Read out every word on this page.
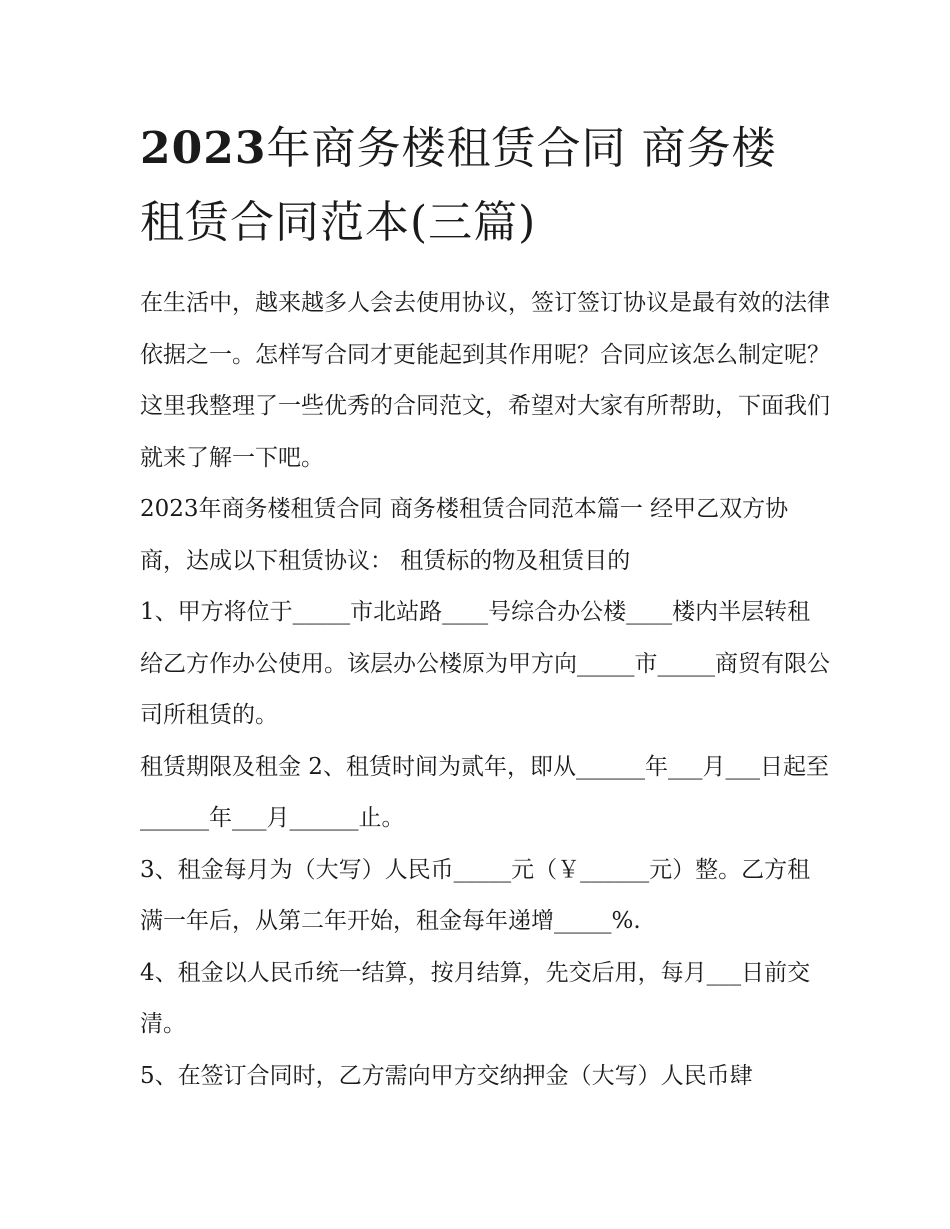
2023年商务楼租赁合同 商务楼租赁合同范本(三篇)

在生活中，越来越多人会去使用协议，签订签订协议是最有效的法律依据之一。怎样写合同才更能起到其作用呢？合同应该怎么制定呢？这里我整理了一些优秀的合同范文，希望对大家有所帮助，下面我们就来了解一下吧。

2023年商务楼租赁合同 商务楼租赁合同范本篇一 经甲乙双方协商，达成以下租赁协议： 租赁标的物及租赁目的

1、甲方将位于_____市北站路____号综合办公楼____楼内半层转租给乙方作办公使用。该层办公楼原为甲方向_____市_____商贸有限公司所租赁的。

租赁期限及租金 2、租赁时间为贰年，即从______年___月___日起至______年___月______止。

3、租金每月为（大写）人民币_____元（￥______元）整。乙方租满一年后，从第二年开始，租金每年递增_____%.

4、租金以人民币统一结算，按月结算，先交后用，每月___日前交清。

5、在签订合同时，乙方需向甲方交纳押金（大写）人民币肆
